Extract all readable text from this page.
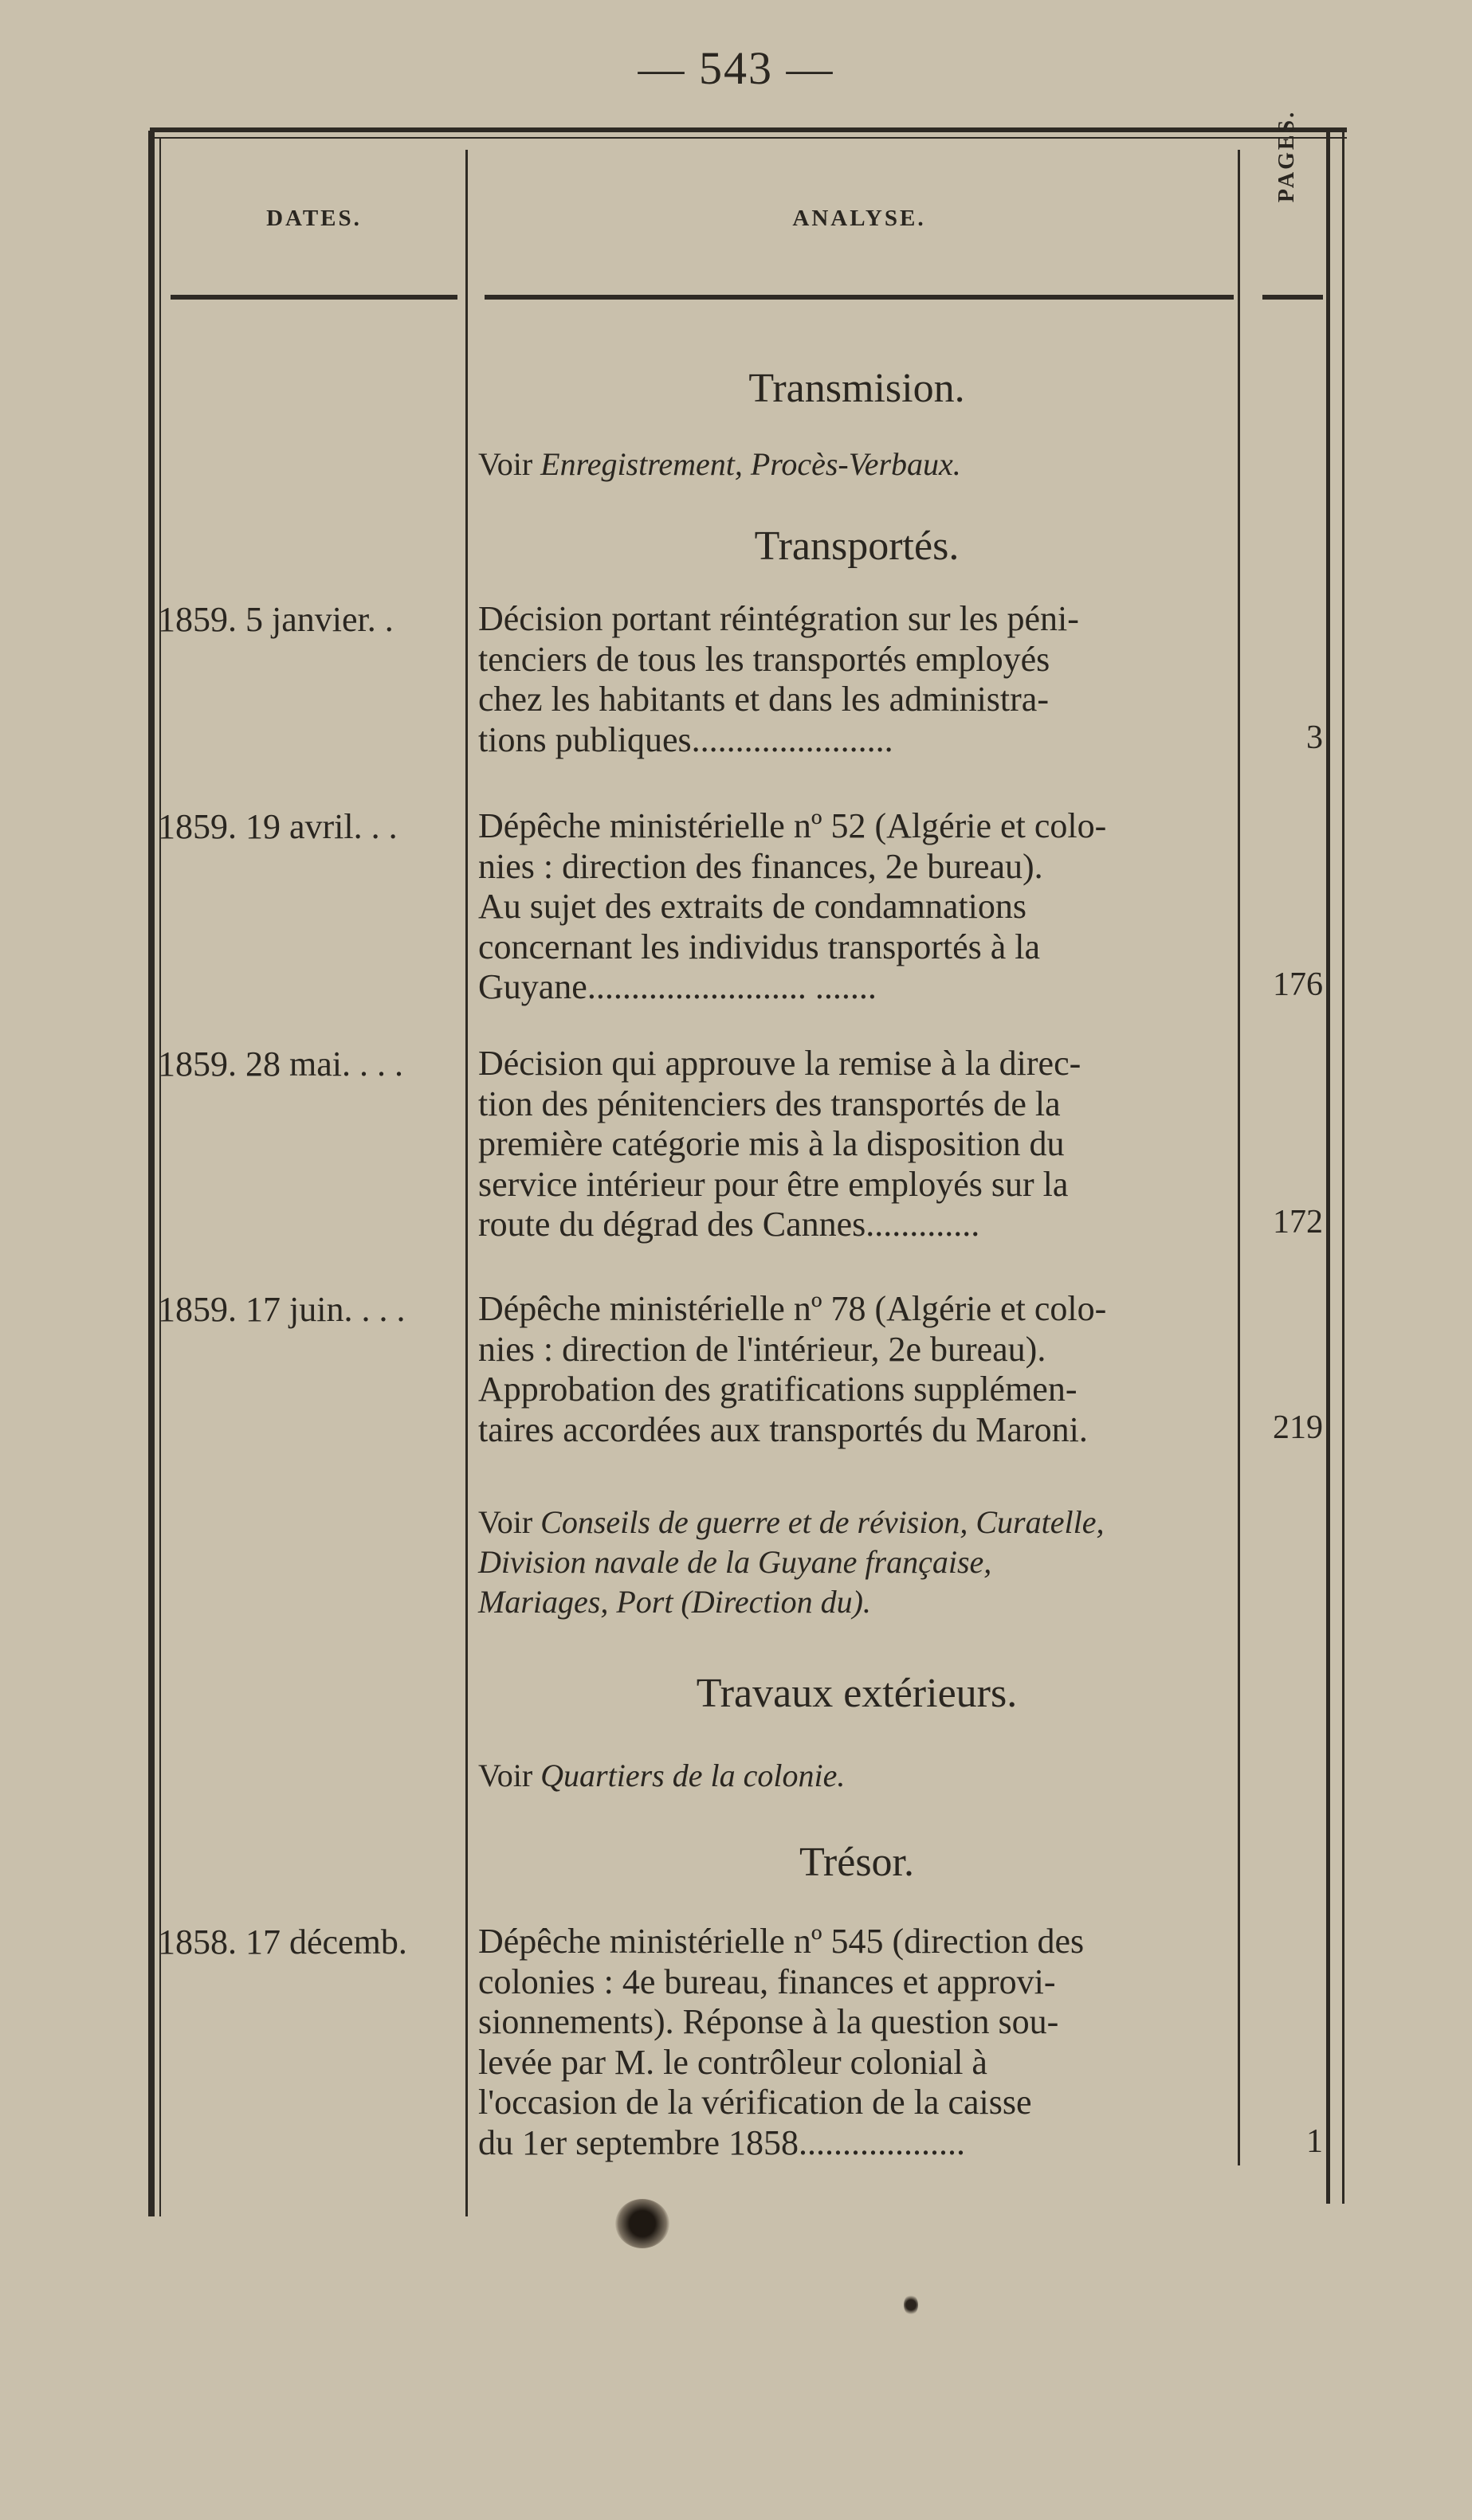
— 543 —
DATES.	ANALYSE.
PAGES.
Transmision.
Voir Enregistrement, Procès-Verbaux.
Transportés.
1859. 5 janvier. .	Décision portant réintégration sur les péni-
tenciers de tous les transportés employés
chez les habitants et dans les administra-
tions publiques.......................	3
1859. 19 avril. . .	Dépêche ministérielle nº 52 (Algérie et colo-
nies : direction des finances, 2e bureau).
Au sujet des extraits de condamnations
concernant les individus transportés à la
Guyane......................... .......	176
1859. 28 mai. . . .	Décision qui approuve la remise à la direc-
tion des pénitenciers des transportés de la
première catégorie mis à la disposition du
service intérieur pour être employés sur la
route du dégrad des Cannes.............	172
1859. 17 juin. . . .	Dépêche ministérielle nº 78 (Algérie et colo-
nies : direction de l'intérieur, 2e bureau).
Approbation des gratifications supplémen-
taires accordées aux transportés du Maroni.	219
Voir Conseils de guerre et de révision, Curatelle,
Division navale de la Guyane française,
Mariages, Port (Direction du).
Travaux extérieurs.
Voir Quartiers de la colonie.
Trésor.
1858. 17 décemb.	Dépêche ministérielle nº 545 (direction des
colonies : 4e bureau, finances et approvi-
sionnements). Réponse à la question sou-
levée par M. le contrôleur colonial à
l'occasion de la vérification de la caisse
du 1er septembre 1858...................	1
